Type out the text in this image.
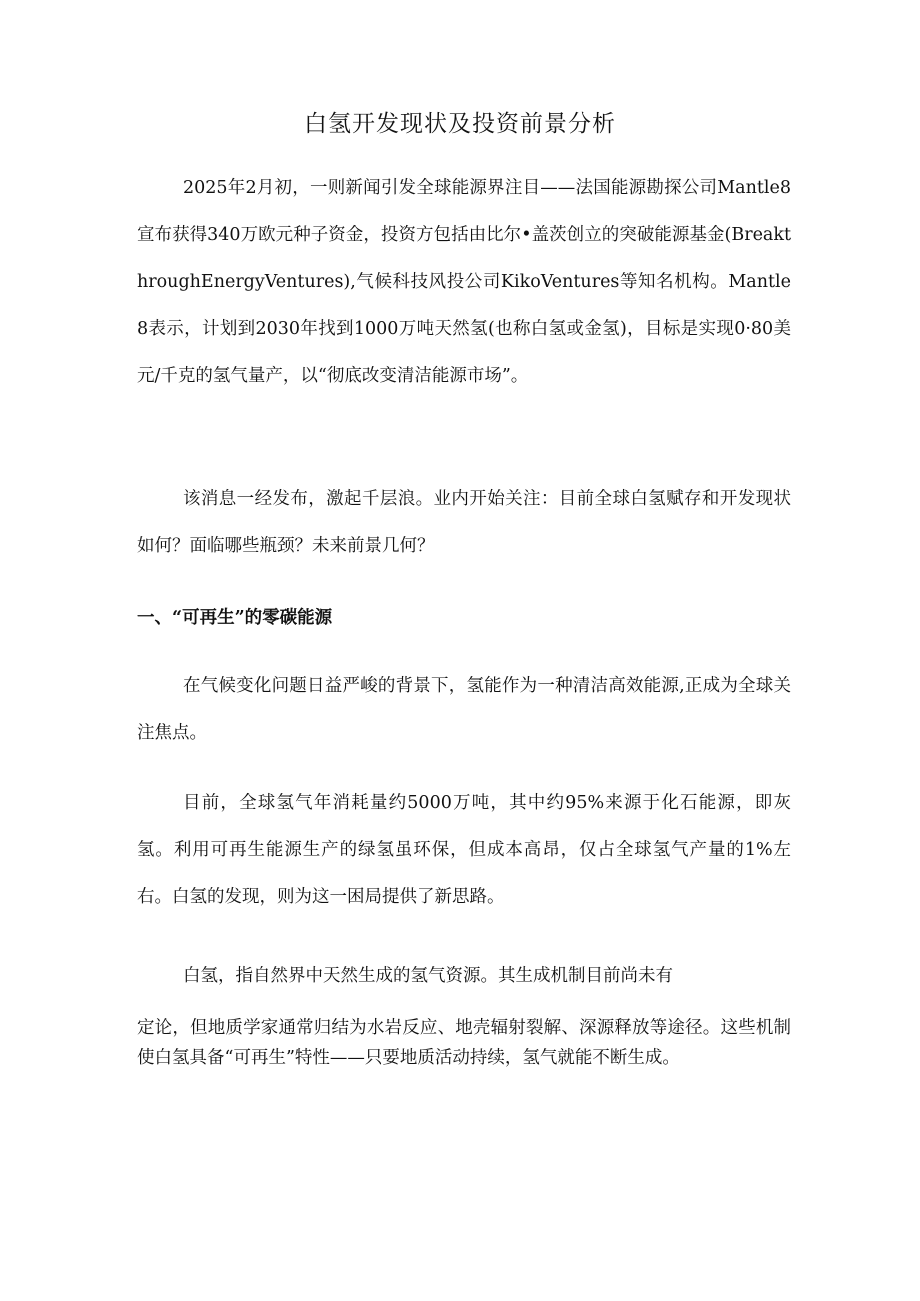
白氢开发现状及投资前景分析

2025年2月初，一则新闻引发全球能源界注目——法国能源勘探公司Mantle8宣布获得340万欧元种子资金，投资方包括由比尔•盖茨创立的突破能源基金(BreakthroughEnergyVentures),气候科技风投公司KikoVentures等知名机构。Mantle8表示，计划到2030年找到1000万吨天然氢(也称白氢或金氢)，目标是实现0·80美元/千克的氢气量产，以“彻底改变清洁能源市场”。

该消息一经发布，激起千层浪。业内开始关注：目前全球白氢赋存和开发现状如何？面临哪些瓶颈？未来前景几何？

一、“可再生”的零碳能源

在气候变化问题日益严峻的背景下，氢能作为一种清洁高效能源,正成为全球关注焦点。

目前，全球氢气年消耗量约5000万吨，其中约95%来源于化石能源，即灰氢。利用可再生能源生产的绿氢虽环保，但成本高昂，仅占全球氢气产量的1%左右。白氢的发现，则为这一困局提供了新思路。

白氢，指自然界中天然生成的氢气资源。其生成机制目前尚未有

定论，但地质学家通常归结为水岩反应、地壳辐射裂解、深源释放等途径。这些机制使白氢具备“可再生”特性——只要地质活动持续，氢气就能不断生成。
